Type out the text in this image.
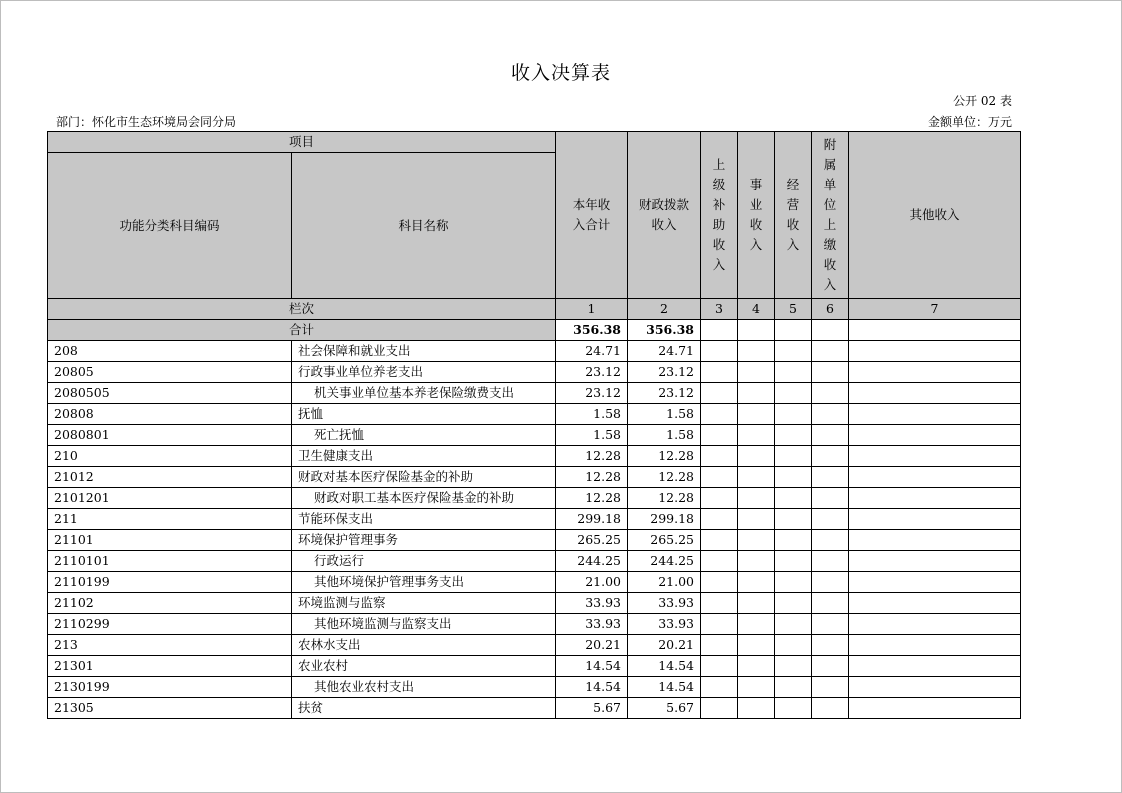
收入决算表
公开 02 表
部门：怀化市生态环境局会同分局	金额单位：万元
项目		本年收入合计	财政拨款收入	上级补助收入	事业收入	经营收入	附属单位上缴收入	其他收入
功能分类科目编码	科目名称							
栏次		1	2	3	4	5	6	7
合计		356.38	356.38					
208	社会保障和就业支出	24.71	24.71					
20805	行政事业单位养老支出	23.12	23.12					
2080505	机关事业单位基本养老保险缴费支出	23.12	23.12					
20808	抚恤	1.58	1.58					
2080801	死亡抚恤	1.58	1.58					
210	卫生健康支出	12.28	12.28					
21012	财政对基本医疗保险基金的补助	12.28	12.28					
2101201	财政对职工基本医疗保险基金的补助	12.28	12.28					
211	节能环保支出	299.18	299.18					
21101	环境保护管理事务	265.25	265.25					
2110101	行政运行	244.25	244.25					
2110199	其他环境保护管理事务支出	21.00	21.00					
21102	环境监测与监察	33.93	33.93					
2110299	其他环境监测与监察支出	33.93	33.93					
213	农林水支出	20.21	20.21					
21301	农业农村	14.54	14.54					
2130199	其他农业农村支出	14.54	14.54					
21305	扶贫	5.67	5.67					
